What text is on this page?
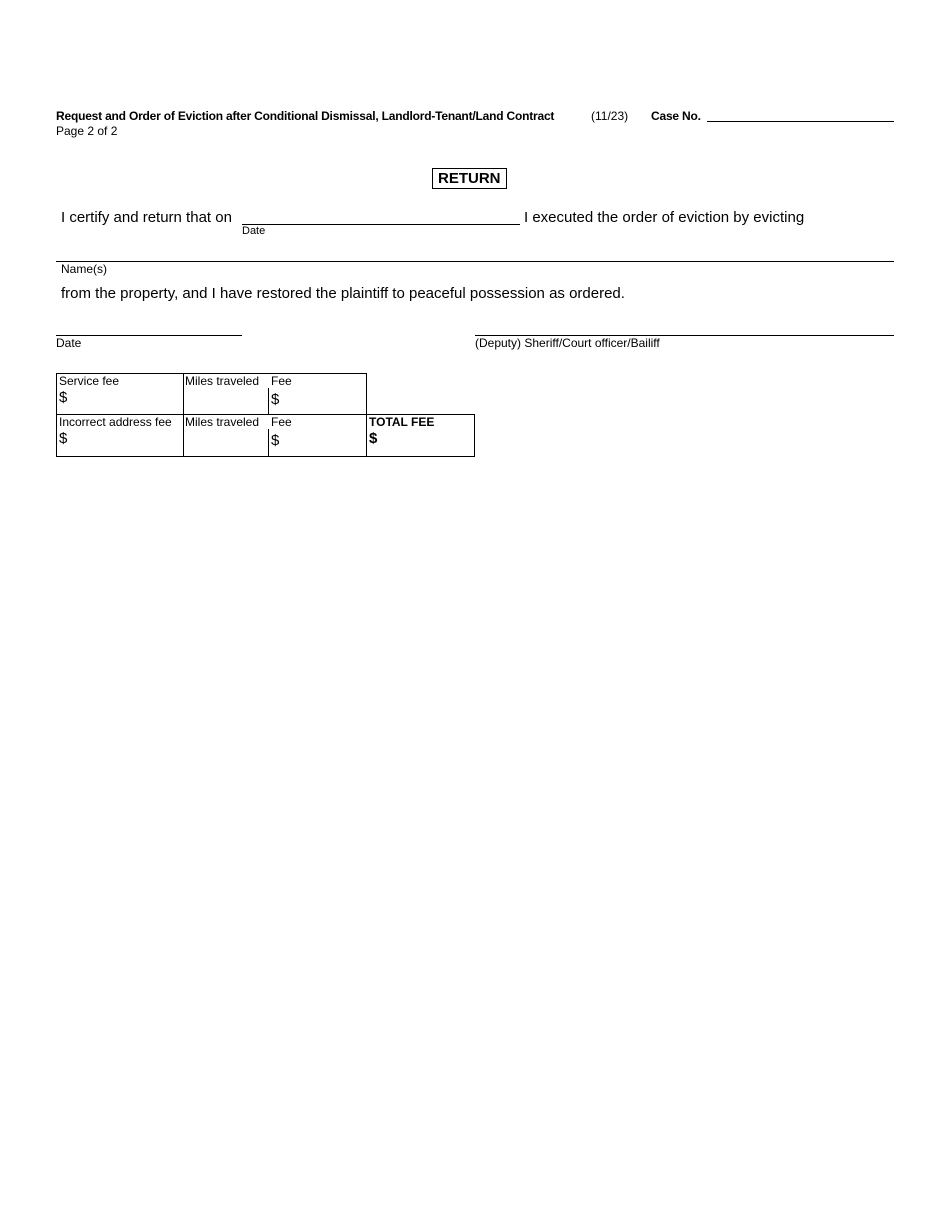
Request and Order of Eviction after Conditional Dismissal, Landlord-Tenant/Land Contract	(11/23) Case No.
Page 2 of 2
RETURN
I certify and return that on
Date
I executed the order of eviction by evicting
Name(s)
from the property, and I have restored the plaintiff to peaceful possession as ordered.
Date	(Deputy) Sheriff/Court officer/Bailiff
Service fee
$
Miles traveled Fee
$
Incorrect address fee
$
Miles traveled Fee
$
TOTAL FEE
$
